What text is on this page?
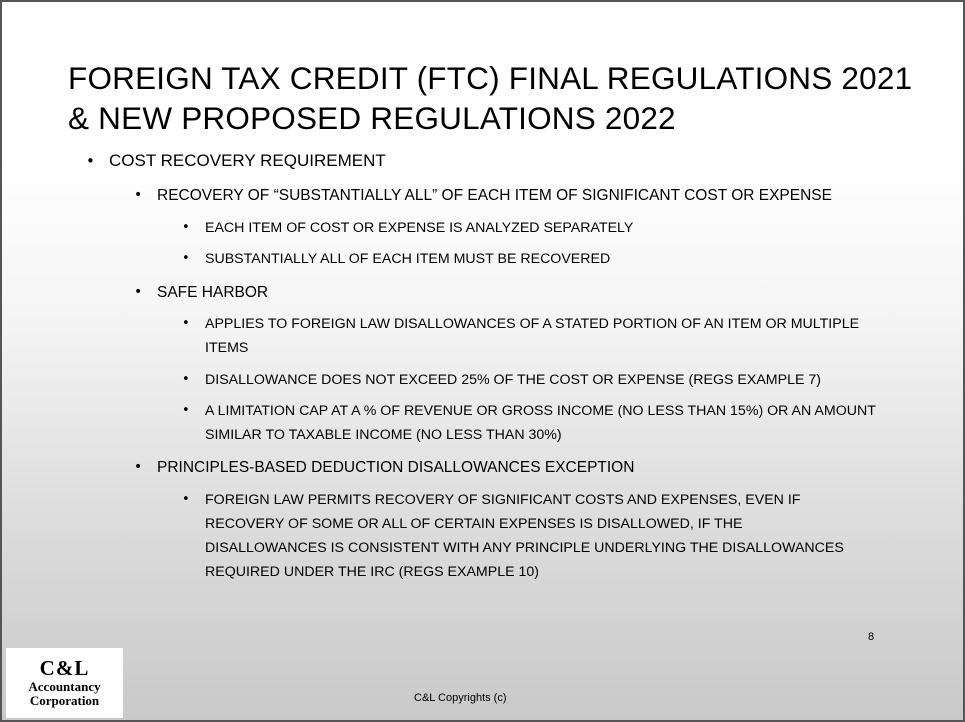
FOREIGN TAX CREDIT (FTC) FINAL REGULATIONS 2021
& NEW PROPOSED REGULATIONS 2022
• COST RECOVERY REQUIREMENT
• RECOVERY OF “SUBSTANTIALLY ALL” OF EACH ITEM OF SIGNIFICANT COST OR EXPENSE
• EACH ITEM OF COST OR EXPENSE IS ANALYZED SEPARATELY
• SUBSTANTIALLY ALL OF EACH ITEM MUST BE RECOVERED
• SAFE HARBOR
• APPLIES TO FOREIGN LAW DISALLOWANCES OF A STATED PORTION OF AN ITEM OR MULTIPLE ITEMS
• DISALLOWANCE DOES NOT EXCEED 25% OF THE COST OR EXPENSE (REGS EXAMPLE 7)
• A LIMITATION CAP AT A % OF REVENUE OR GROSS INCOME (NO LESS THAN 15%) OR AN AMOUNT SIMILAR TO TAXABLE INCOME (NO LESS THAN 30%)
• PRINCIPLES-BASED DEDUCTION DISALLOWANCES EXCEPTION
• FOREIGN LAW PERMITS RECOVERY OF SIGNIFICANT COSTS AND EXPENSES, EVEN IF RECOVERY OF SOME OR ALL OF CERTAIN EXPENSES IS DISALLOWED, IF THE DISALLOWANCES IS CONSISTENT WITH ANY PRINCIPLE UNDERLYING THE DISALLOWANCES REQUIRED UNDER THE IRC (REGS EXAMPLE 10)
8
C&L Copyrights (c)
C&L
Accountancy
Corporation
